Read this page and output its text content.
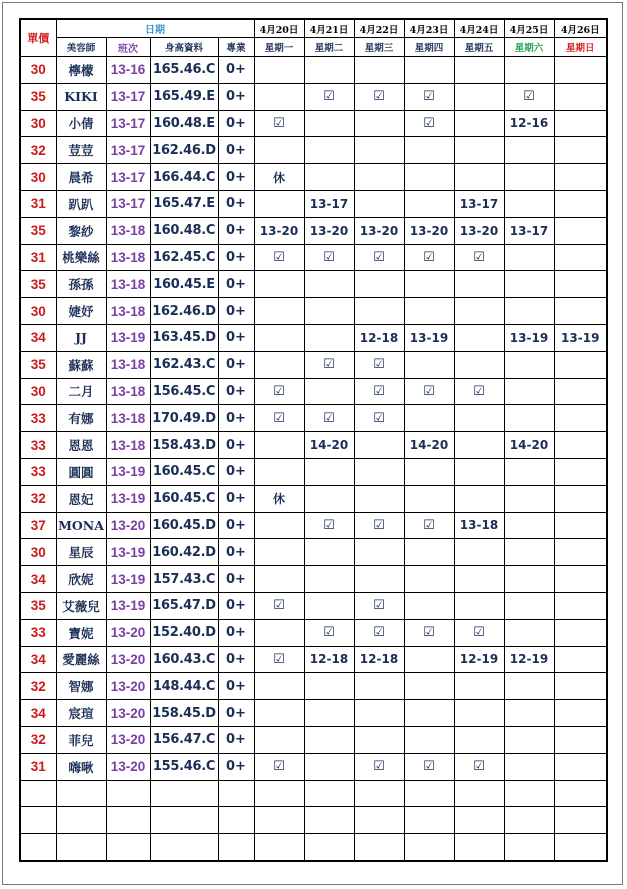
單價	日期				4月20日	4月21日	4月22日	4月23日	4月24日	4月25日	4月26日
	美容師	班次	身高資料	專業	星期一	星期二	星期三	星期四	星期五	星期六	星期日
30	檸檬	13-16	165.46.C	0+							
35	KIKI	13-17	165.49.E	0+		☑	☑	☑		☑	
30	小倩	13-17	160.48.E	0+	☑			☑		12-16	
32	荳荳	13-17	162.46.D	0+							
30	晨希	13-17	166.44.C	0+	休						
31	趴趴	13-17	165.47.E	0+		13-17			13-17		
35	黎紗	13-18	160.48.C	0+	13-20	13-20	13-20	13-20	13-20	13-17	
31	桃樂絲	13-18	162.45.C	0+	☑	☑	☑	☑	☑		
35	孫孫	13-18	160.45.E	0+							
30	婕妤	13-18	162.46.D	0+							
34	JJ	13-19	163.45.D	0+			12-18	13-19		13-19	13-19
35	蘇蘇	13-18	162.43.C	0+		☑	☑				
30	二月	13-18	156.45.C	0+	☑		☑	☑	☑		
33	有娜	13-18	170.49.D	0+	☑	☑	☑				
33	恩恩	13-18	158.43.D	0+		14-20		14-20		14-20	
33	圓圓	13-19	160.45.C	0+							
32	恩妃	13-19	160.45.C	0+	休						
37	MONA	13-20	160.45.D	0+		☑	☑	☑	13-18		
30	星辰	13-19	160.42.D	0+							
34	欣妮	13-19	157.43.C	0+							
35	艾薇兒	13-19	165.47.D	0+	☑		☑				
33	寶妮	13-20	152.40.D	0+		☑	☑	☑	☑		
34	愛麗絲	13-20	160.43.C	0+	☑	12-18	12-18		12-19	12-19	
32	智娜	13-20	148.44.C	0+							
34	宸瑄	13-20	158.45.D	0+							
32	菲兒	13-20	156.47.C	0+							
31	嗨啾	13-20	155.46.C	0+	☑		☑	☑	☑		
